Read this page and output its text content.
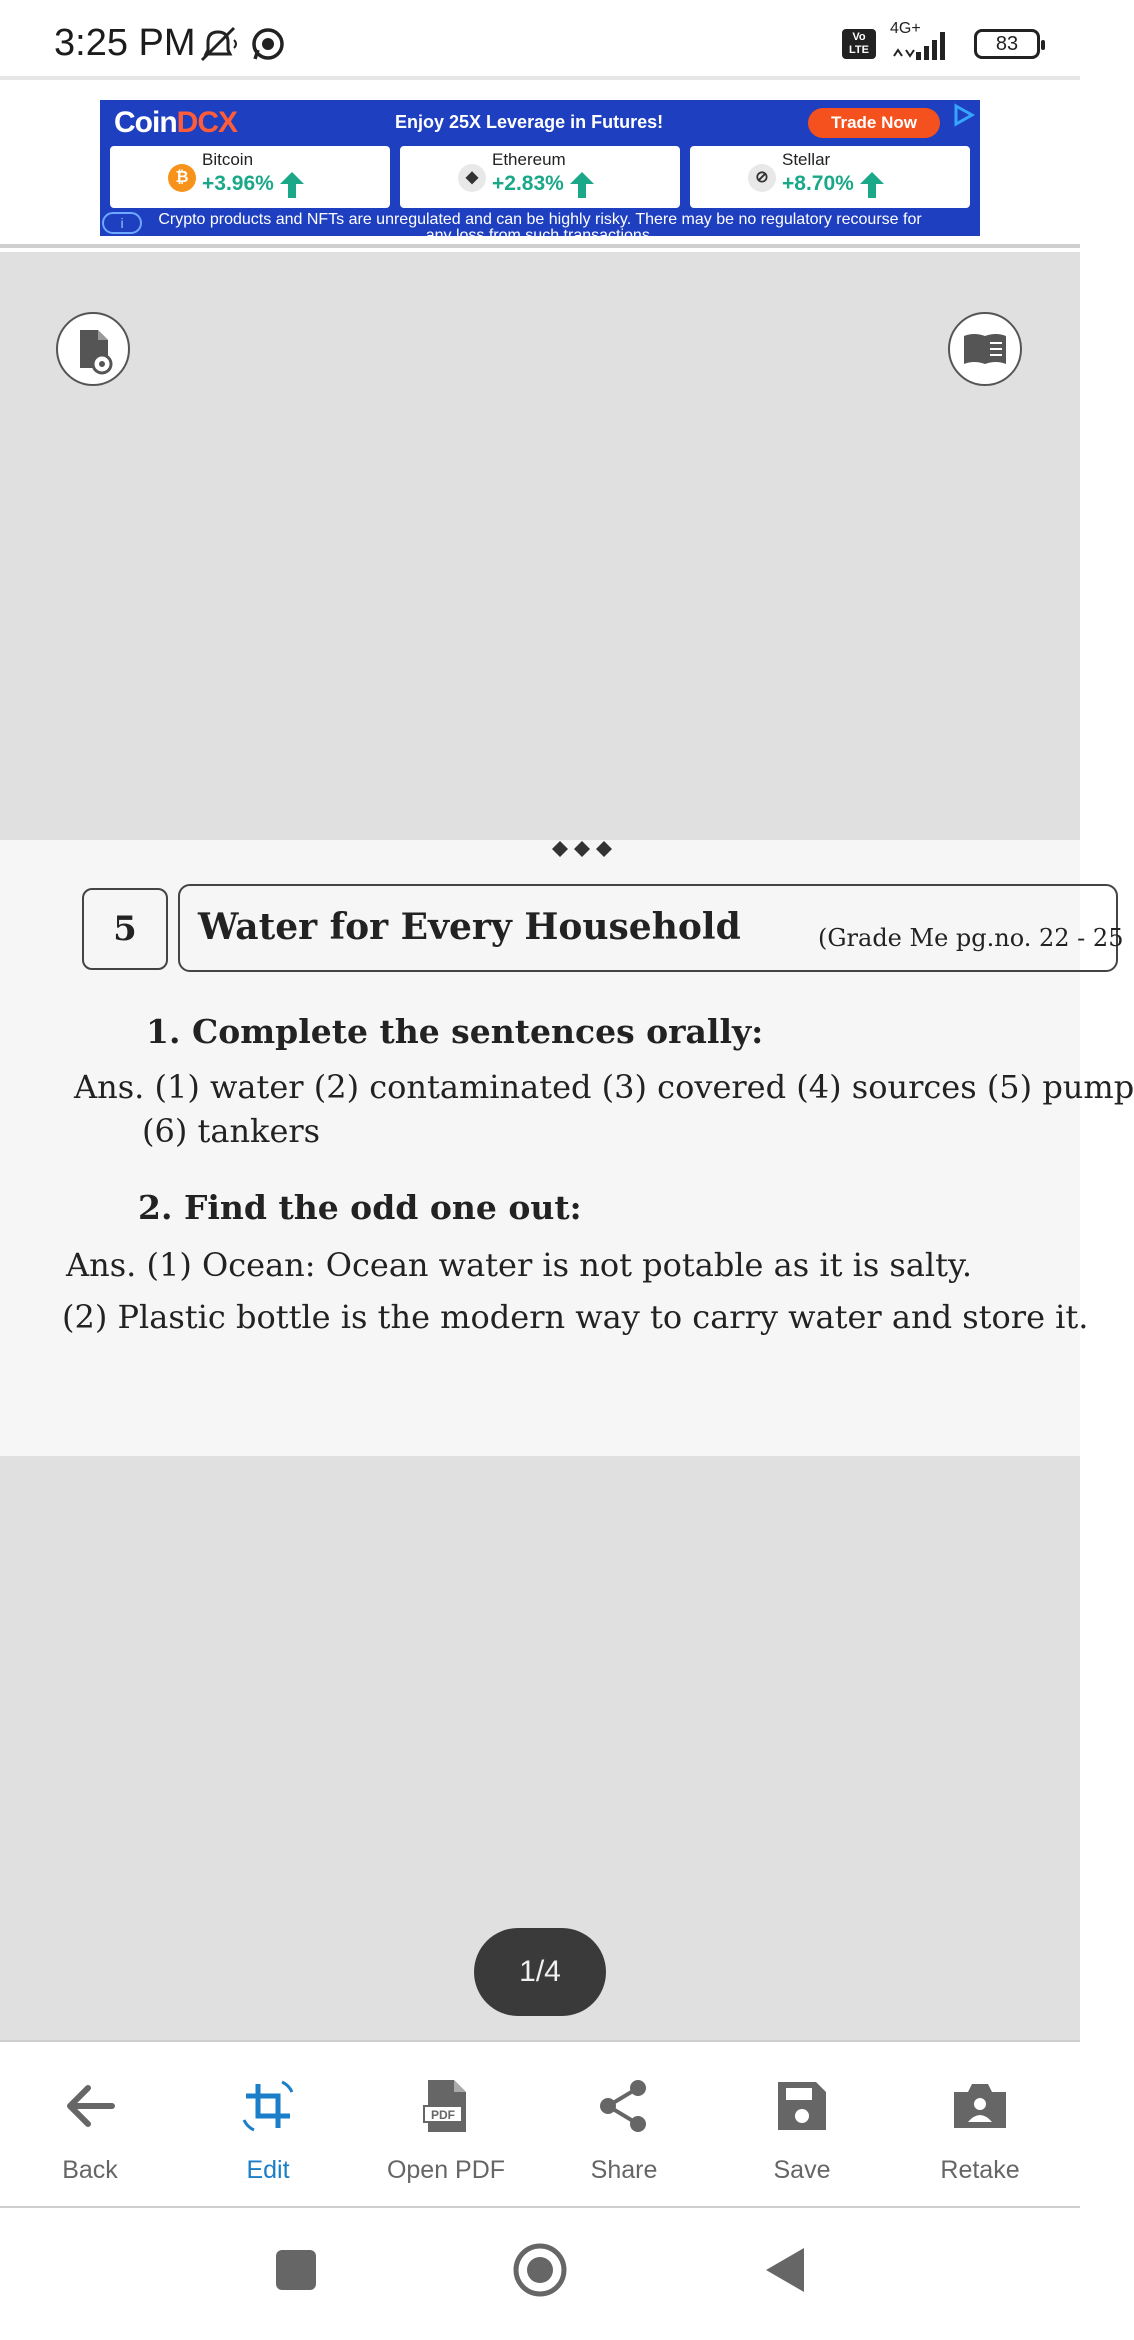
3:25 PM	Vo LTE
4G+
83
CoinDCX	Enjoy 25X Leverage in Futures!	Trade Now
₿
Bitcoin
+3.96%	◆
Ethereum
+2.83%	⊘
Stellar
+8.70%
Crypto products and NFTs are unregulated and can be highly risky. There may be no regulatory recourse for
any loss from such transactions.
i
5	Water for Every Household	(Grade Me pg.no. 22 - 25
1. Complete the sentences orally:
Ans. (1) water (2) contaminated (3) covered (4) sources (5) pump
(6) tankers
2. Find the odd one out:
Ans. (1) Ocean: Ocean water is not potable as it is salty.
(2) Plastic bottle is the modern way to carry water and store it.
1/4
Back	Edit
PDF
Open PDF	Share	Save	Retake
